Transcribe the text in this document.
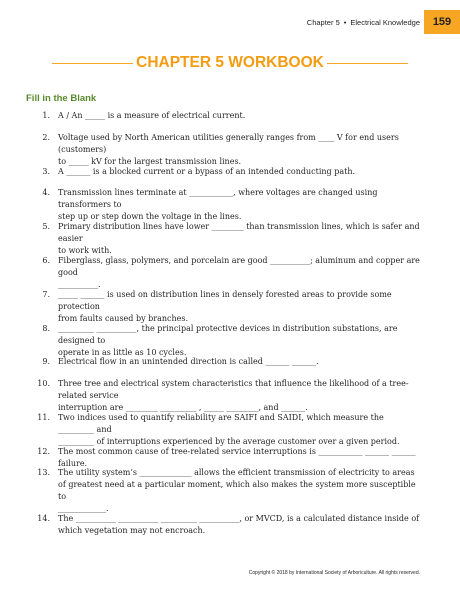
Chapter 5 • Electrical Knowledge 159
CHAPTER 5 WORKBOOK
Fill in the Blank
1. A / An _____ is a measure of electrical current.
2. Voltage used by North American utilities generally ranges from ____ V for end users (customers)
to _____ kV for the largest transmission lines.
3. A ______ is a blocked current or a bypass of an intended conducting path.
4. Transmission lines terminate at ___________, where voltages are changed using transformers to
step up or step down the voltage in the lines.
5. Primary distribution lines have lower ________ than transmission lines, which is safer and easier
to work with.
6. Fiberglass, glass, polymers, and porcelain are good __________; aluminum and copper are good
__________.
7. _____ ______ is used on distribution lines in densely forested areas to provide some protection
from faults caused by branches.
8. _________ __________, the principal protective devices in distribution substations, are designed to
operate in as little as 10 cycles.
9. Electrical flow in an unintended direction is called ______ ______.
10. Three tree and electrical system characteristics that influence the likelihood of a tree-related service
interruption are ________ _________ , _____ ________, and ______.
11. Two indices used to quantify reliability are SAIFI and SAIDI, which measure the _________ and
_________ of interruptions experienced by the average customer over a given period.
12. The most common cause of tree-related service interruptions is ___________ ______ ______ failure.
13. The utility system’s _____________ allows the efficient transmission of electricity to areas
of greatest need at a particular moment, which also makes the system more susceptible to
____________.
14. The __________ __________ _________ __________, or MVCD, is a calculated distance inside of
which vegetation may not encroach.
Copyright © 2018 by International Society of Arboriculture. All rights reserved.
